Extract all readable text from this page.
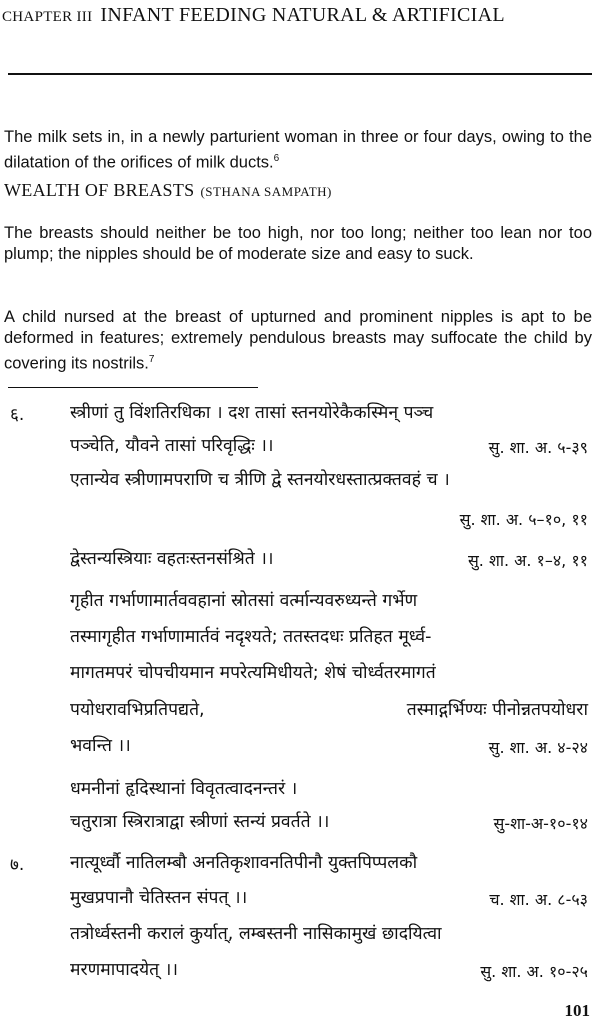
CHAPTER III INFANT FEEDING NATURAL & ARTIFICIAL
The milk sets in, in a newly parturient woman in three or four days, owing to the dilatation of the orifices of milk ducts.$^6$
WEALTH OF BREASTS (STHANA SAMPATH)
The breasts should neither be too high, nor too long; neither too lean nor too plump; the nipples should be of moderate size and easy to suck.
A child nursed at the breast of upturned and prominent nipples is apt to be deformed in features; extremely pendulous breasts may suffocate the child by covering its nostrils.$^7$
६.	स्त्रीणां तु विंशतिरधिका । दश तासां स्तनयोरेकैकस्मिन् पञ्च
पञ्चेति, यौवने तासां परिवृद्धिः ।।	सु. शा. अ. ५-३९
एतान्येव स्त्रीणामपराणि च त्रीणि द्वे स्तनयोरधस्तात्प्रक्तवहं च ।
सु. शा. अ. ५–१०, ११
द्वेस्तन्यस्त्रियाः वहतःस्तनसंश्रिते ।।	सु. शा. अ. १–४, ११
गृहीत गर्भाणामार्तववहानां स्रोतसां वर्त्मान्यवरुध्यन्ते गर्भेण
तस्मागृहीत गर्भाणामार्तवं नदृश्यते; ततस्तदधः प्रतिहत मूर्ध्व-
मागतमपरं चोपचीयमान मपरेत्यमिधीयते; शेषं चोर्ध्वतरमागतं
पयोधरावभिप्रतिपद्यते,	तस्माद्गर्भिण्यः पीनोन्नतपयोधरा
भवन्ति ।।	सु. शा. अ. ४-२४
धमनीनां हृदिस्थानां विवृतत्वादनन्तरं ।
चतुरात्रा स्त्रिरात्राद्वा स्त्रीणां स्तन्यं प्रवर्तते ।।	सु-शा-अ-१०-१४
७.	नात्यूर्ध्वौ नातिलम्बौ अनतिकृशावनतिपीनौ युक्तपिप्पलकौ
मुखप्रपानौ चेतिस्तन संपत् ।।	च. शा. अ. ८-५३
तत्रोर्ध्वस्तनी करालं कुर्यात्, लम्बस्तनी नासिकामुखं छादयित्वा
मरणमापादयेत् ।।	सु. शा. अ. १०-२५
101
